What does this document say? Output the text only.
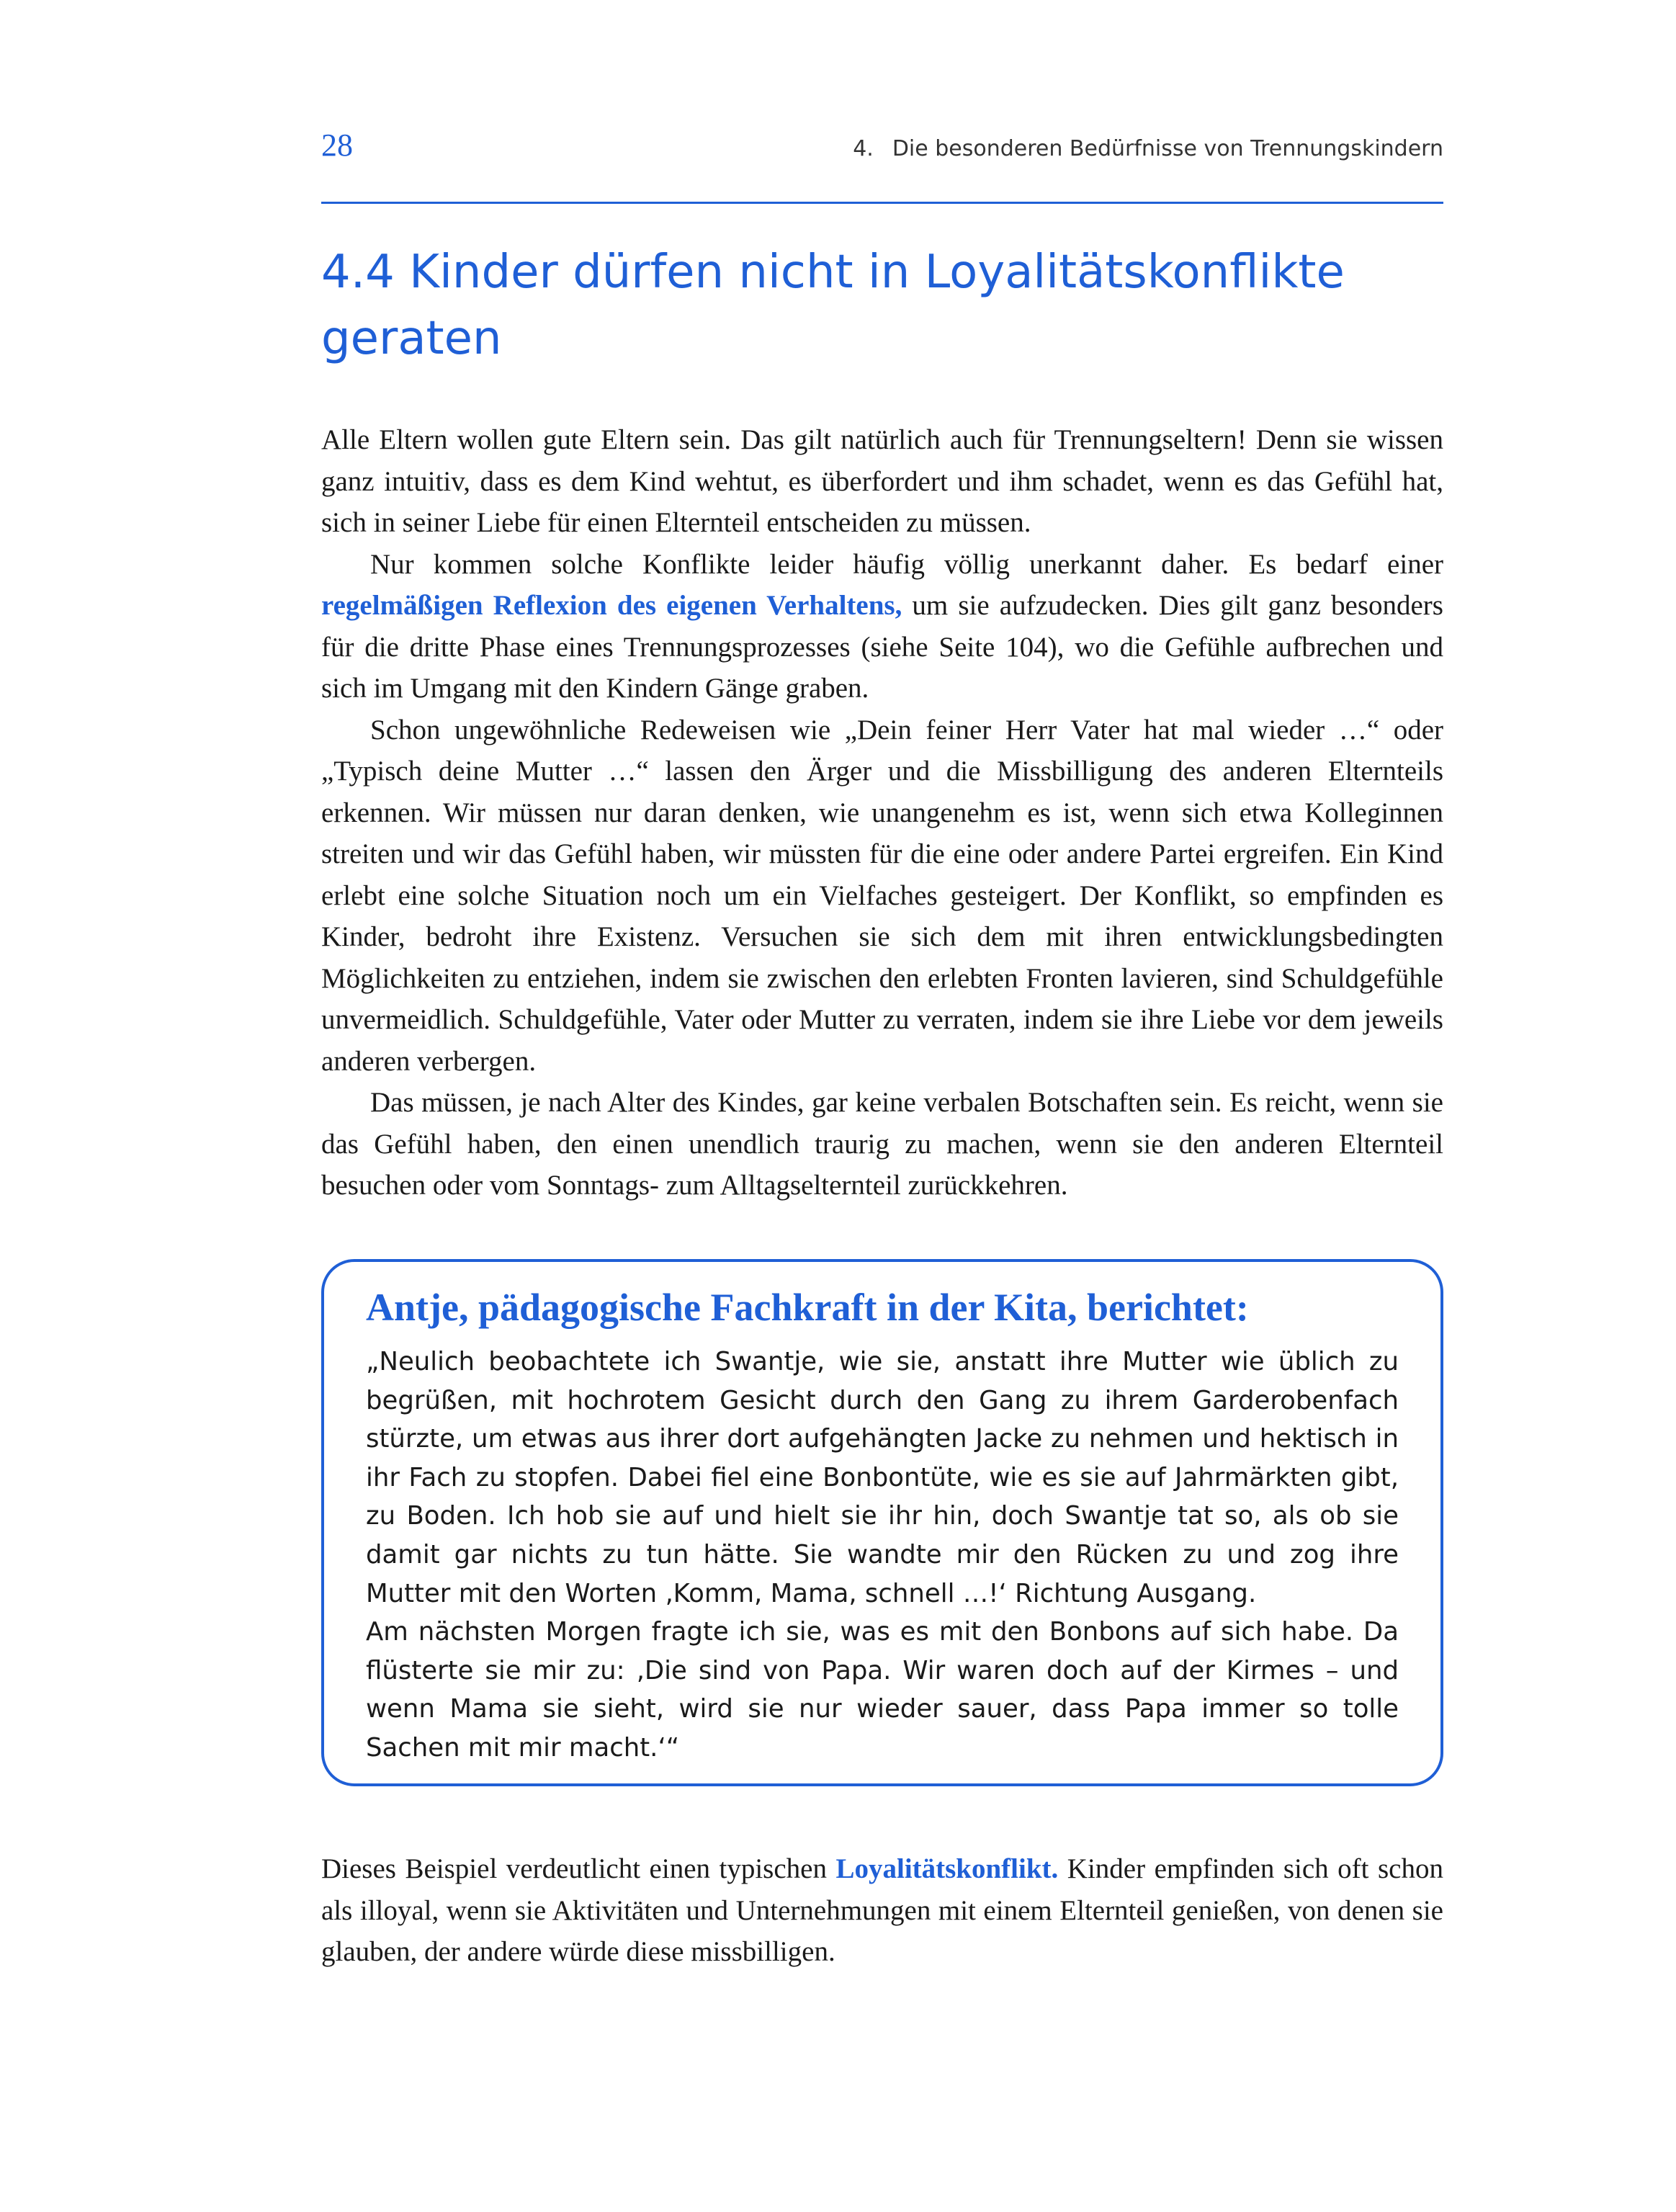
28	4. Die besonderen Bedürfnisse von Trennungskindern
4.4 Kinder dürfen nicht in Loyalitätskonflikte geraten

Alle Eltern wollen gute Eltern sein. Das gilt natürlich auch für Trennungseltern! Denn sie wissen ganz intuitiv, dass es dem Kind wehtut, es überfordert und ihm schadet, wenn es das Gefühl hat, sich in seiner Liebe für einen Elternteil entscheiden zu müssen.

Nur kommen solche Konflikte leider häufig völlig unerkannt daher. Es bedarf einer regelmäßigen Reflexion des eigenen Verhaltens, um sie aufzudecken. Dies gilt ganz besonders für die dritte Phase eines Trennungsprozesses (siehe Seite 104), wo die Gefühle aufbrechen und sich im Umgang mit den Kindern Gänge graben.

Schon ungewöhnliche Redeweisen wie „Dein feiner Herr Vater hat mal wieder …“ oder „Typisch deine Mutter …“ lassen den Ärger und die Missbilligung des anderen Elternteils erkennen. Wir müssen nur daran denken, wie unangenehm es ist, wenn sich etwa Kolleginnen streiten und wir das Gefühl haben, wir müssten für die eine oder andere Partei ergreifen. Ein Kind erlebt eine solche Situation noch um ein Vielfaches gesteigert. Der Konflikt, so empfinden es Kinder, bedroht ihre Existenz. Versuchen sie sich dem mit ihren entwicklungsbedingten Möglichkeiten zu entziehen, indem sie zwischen den erlebten Fronten lavieren, sind Schuldgefühle unvermeidlich. Schuldgefühle, Vater oder Mutter zu verraten, indem sie ihre Liebe vor dem jeweils anderen verbergen.

Das müssen, je nach Alter des Kindes, gar keine verbalen Botschaften sein. Es reicht, wenn sie das Gefühl haben, den einen unendlich traurig zu machen, wenn sie den anderen Elternteil besuchen oder vom Sonntags- zum Alltagselternteil zurückkehren.

Antje, pädagogische Fachkraft in der Kita, berichtet:

„Neulich beobachtete ich Swantje, wie sie, anstatt ihre Mutter wie üblich zu begrüßen, mit hochrotem Gesicht durch den Gang zu ihrem Garderobenfach stürzte, um etwas aus ihrer dort aufgehängten Jacke zu nehmen und hektisch in ihr Fach zu stopfen. Dabei fiel eine Bonbontüte, wie es sie auf Jahrmärkten gibt, zu Boden. Ich hob sie auf und hielt sie ihr hin, doch Swantje tat so, als ob sie damit gar nichts zu tun hätte. Sie wandte mir den Rücken zu und zog ihre Mutter mit den Worten ‚Komm, Mama, schnell …!‘ Richtung Ausgang.

Am nächsten Morgen fragte ich sie, was es mit den Bonbons auf sich habe. Da flüsterte sie mir zu: ‚Die sind von Papa. Wir waren doch auf der Kirmes – und wenn Mama sie sieht, wird sie nur wieder sauer, dass Papa immer so tolle Sachen mit mir macht.‘“

Dieses Beispiel verdeutlicht einen typischen Loyalitätskonflikt. Kinder empfinden sich oft schon als illoyal, wenn sie Aktivitäten und Unternehmungen mit einem Elternteil genießen, von denen sie glauben, der andere würde diese missbilligen.
